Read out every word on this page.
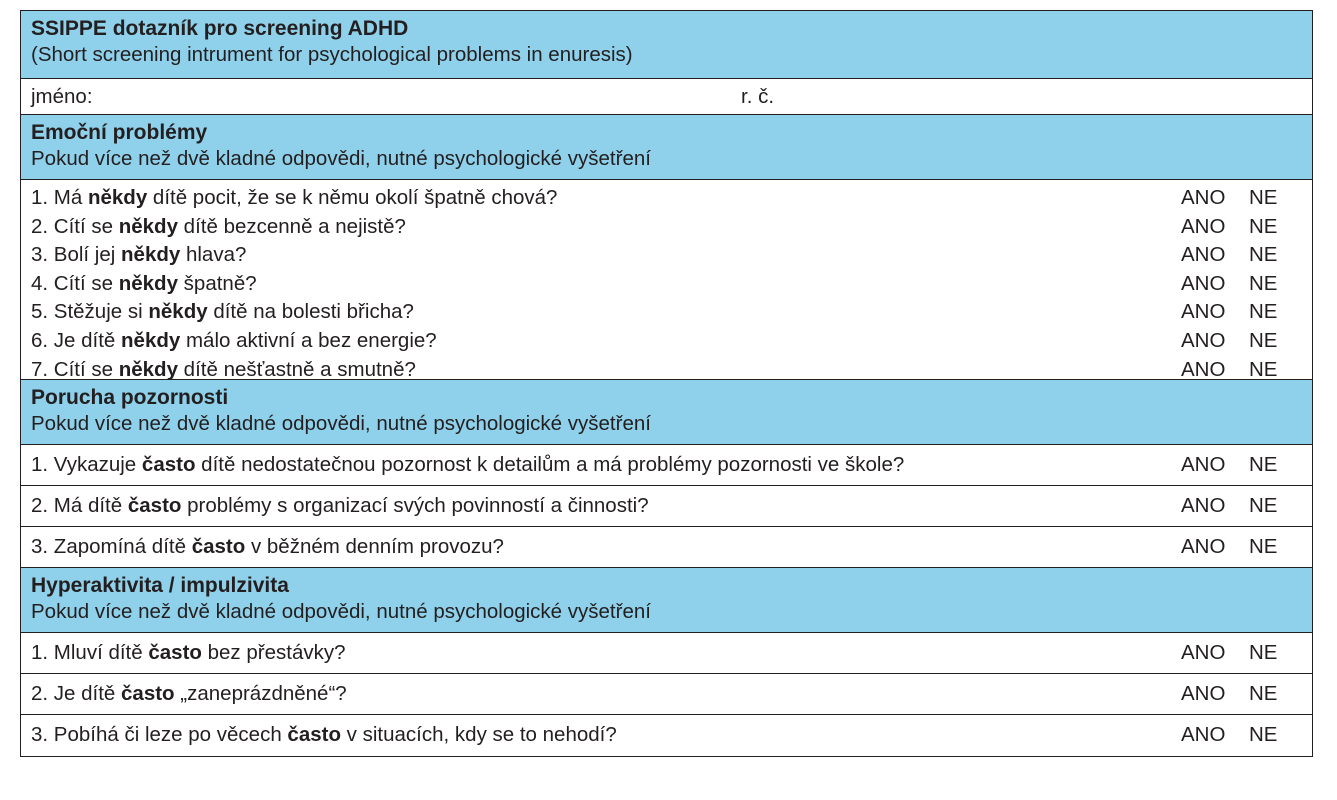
SSIPPE dotazník pro screening ADHD
(Short screening intrument for psychological problems in enuresis)
jméno:	r. č.
Emoční problémy
Pokud více než dvě kladné odpovědi, nutné psychologické vyšetření
1. Má někdy dítě pocit, že se k němu okolí špatně chová?	ANO NE
2. Cítí se někdy dítě bezcenně a nejistě?	ANO NE
3. Bolí jej někdy hlava?	ANO NE
4. Cítí se někdy špatně?	ANO NE
5. Stěžuje si někdy dítě na bolesti břicha?	ANO NE
6. Je dítě někdy málo aktivní a bez energie?	ANO NE
7. Cítí se někdy dítě nešťastně a smutně?	ANO NE
Porucha pozornosti
Pokud více než dvě kladné odpovědi, nutné psychologické vyšetření
1. Vykazuje často dítě nedostatečnou pozornost k detailům a má problémy pozornosti ve škole?	ANO NE
2. Má dítě často problémy s organizací svých povinností a činnosti?	ANO NE
3. Zapomíná dítě často v běžném denním provozu?	ANO NE
Hyperaktivita / impulzivita
Pokud více než dvě kladné odpovědi, nutné psychologické vyšetření
1. Mluví dítě často bez přestávky?	ANO NE
2. Je dítě často „zaneprázdněné“?	ANO NE
3. Pobíhá či leze po věcech často v situacích, kdy se to nehodí?	ANO NE
